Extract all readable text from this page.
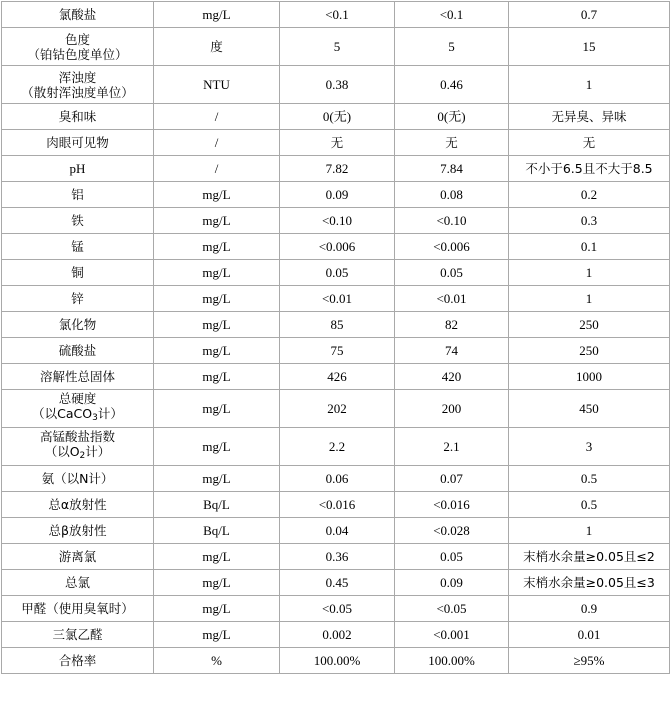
氯酸盐	mg/L	<0.1	<0.1	0.7

色度
（铂钴色度单位）	度	5	5	15

浑浊度
（散射浑浊度单位）	NTU	0.38	0.46	1
臭和味	/	0(无)	0(无)	无异臭、异味
肉眼可见物	/	无	无	无
pH	/	7.82	7.84	不小于6.5且不大于8.5
铝	mg/L	0.09	0.08	0.2
铁	mg/L	<0.10	<0.10	0.3
锰	mg/L	<0.006	<0.006	0.1
铜	mg/L	0.05	0.05	1
锌	mg/L	<0.01	<0.01	1
氯化物	mg/L	85	82	250
硫酸盐	mg/L	75	74	250
溶解性总固体	mg/L	426	420	1000

总硬度
（以CaCO$_3$计）	mg/L	202	200	450

高锰酸盐指数
（以$O_2$计）	mg/L	2.2	2.1	3
氨（以N计）	mg/L	0.06	0.07	0.5
总α放射性	Bq/L	<0.016	<0.016	0.5
总β放射性	Bq/L	0.04	<0.028	1
游离氯	mg/L	0.36	0.05	末梢水余量≥0.05且≤2
总氯	mg/L	0.45	0.09	末梢水余量≥0.05且≤3
甲醛（使用臭氧时）	mg/L	<0.05	<0.05	0.9
三氯乙醛	mg/L	0.002	<0.001	0.01
合格率	%	100.00%	100.00%	≥95%
